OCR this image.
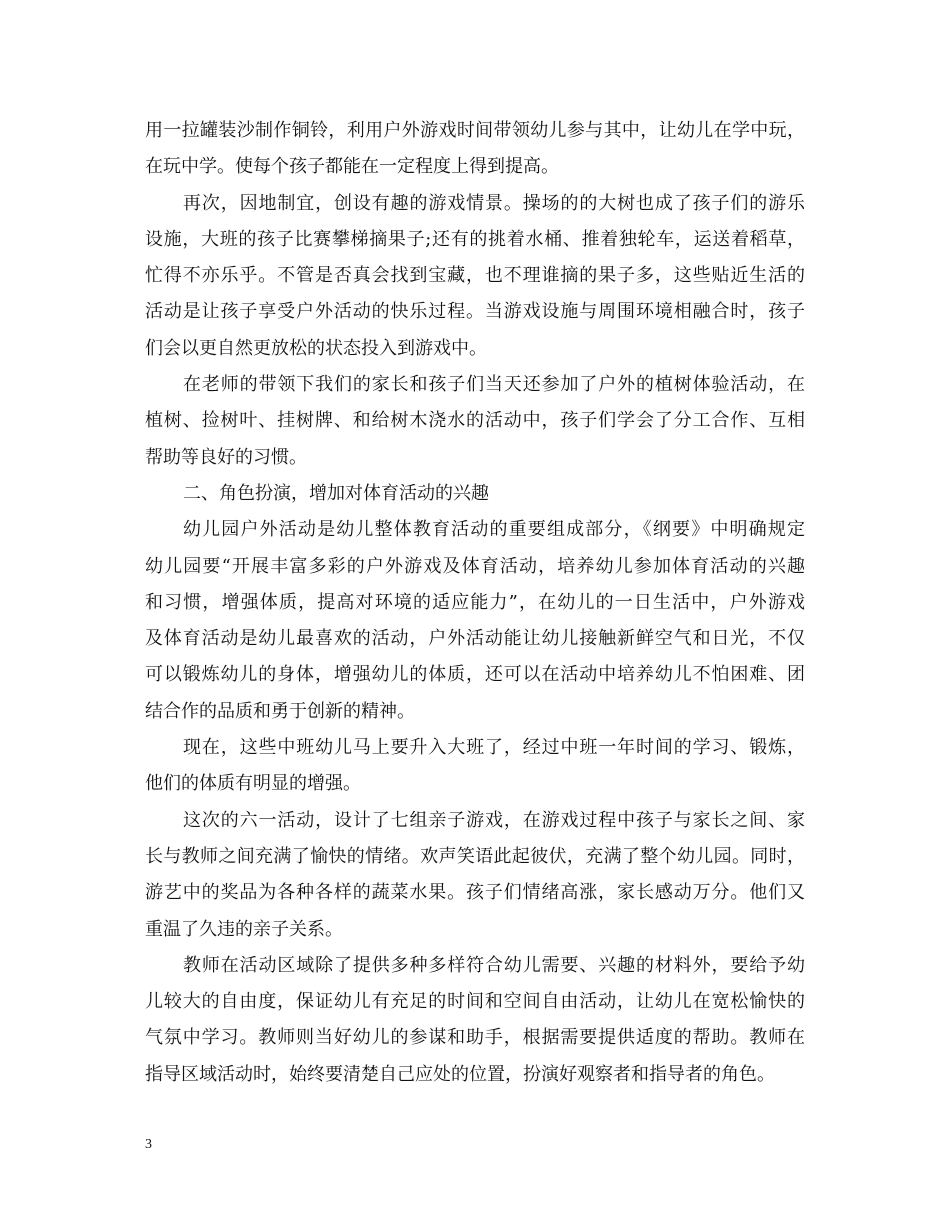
用一拉罐装沙制作铜铃，利用户外游戏时间带领幼儿参与其中，让幼儿在学中玩，
在玩中学。使每个孩子都能在一定程度上得到提高。
再次，因地制宜，创设有趣的游戏情景。操场的的大树也成了孩子们的游乐
设施，大班的孩子比赛攀梯摘果子;还有的挑着水桶、推着独轮车，运送着稻草，
忙得不亦乐乎。不管是否真会找到宝藏，也不理谁摘的果子多，这些贴近生活的
活动是让孩子享受户外活动的快乐过程。当游戏设施与周围环境相融合时，孩子
们会以更自然更放松的状态投入到游戏中。
在老师的带领下我们的家长和孩子们当天还参加了户外的植树体验活动，在
植树、捡树叶、挂树牌、和给树木浇水的活动中，孩子们学会了分工合作、互相
帮助等良好的习惯。
二、角色扮演，增加对体育活动的兴趣
幼儿园户外活动是幼儿整体教育活动的重要组成部分，《纲要》中明确规定
幼儿园要“开展丰富多彩的户外游戏及体育活动，培养幼儿参加体育活动的兴趣
和习惯，增强体质，提高对环境的适应能力”，在幼儿的一日生活中，户外游戏
及体育活动是幼儿最喜欢的活动，户外活动能让幼儿接触新鲜空气和日光，不仅
可以锻炼幼儿的身体，增强幼儿的体质，还可以在活动中培养幼儿不怕困难、团
结合作的品质和勇于创新的精神。
现在，这些中班幼儿马上要升入大班了，经过中班一年时间的学习、锻炼，
他们的体质有明显的增强。
这次的六一活动，设计了七组亲子游戏，在游戏过程中孩子与家长之间、家
长与教师之间充满了愉快的情绪。欢声笑语此起彼伏，充满了整个幼儿园。同时，
游艺中的奖品为各种各样的蔬菜水果。孩子们情绪高涨，家长感动万分。他们又
重温了久违的亲子关系。
教师在活动区域除了提供多种多样符合幼儿需要、兴趣的材料外，要给予幼
儿较大的自由度，保证幼儿有充足的时间和空间自由活动，让幼儿在宽松愉快的
气氛中学习。教师则当好幼儿的参谋和助手，根据需要提供适度的帮助。教师在
指导区域活动时，始终要清楚自己应处的位置，扮演好观察者和指导者的角色。
3
